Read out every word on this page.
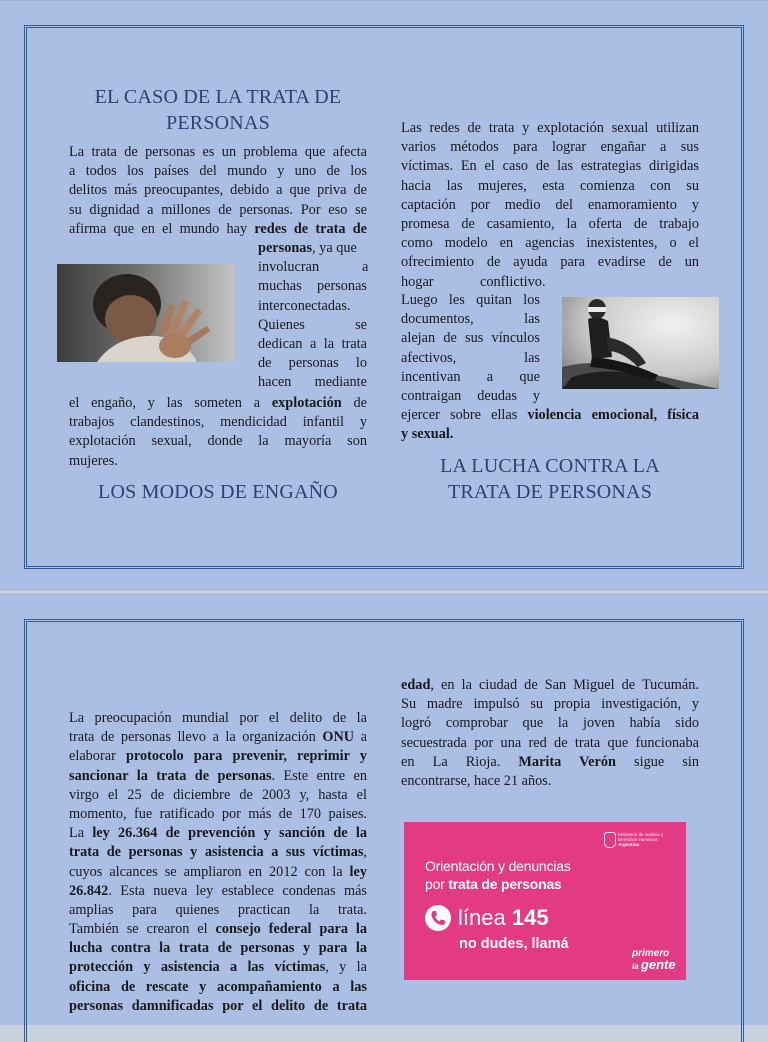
EL CASO DE LA TRATA DE
PERSONAS
La trata de personas es un problema que afecta
a todos los países del mundo y uno de los
delitos más preocupantes, debido a que priva de
su dignidad a millones de personas. Por eso se
afirma que en el mundo hay redes de trata de
personas, ya que
involucran            a
muchas personas
interconectadas.
Quienes              se
dedican a la trata
de personas lo
hacen mediante
el engaño, y las someten a explotación de
trabajos clandestinos, mendicidad infantil y
explotación sexual, donde la mayoría son
mujeres.
LOS MODOS DE ENGAÑO
Las redes de trata y explotación sexual utilizan
varios métodos para lograr engañar a sus
víctimas. En el caso de las estrategias dirigidas
hacia las mujeres, esta comienza con su
captación por medio del enamoramiento y
promesa de casamiento, la oferta de trabajo
como modelo en agencias inexistentes, o el
ofrecimiento de ayuda para evadirse de un
hogar             conflictivo.
Luego les quitan los
documentos,           las
alejan de sus vínculos
afectivos,              las
incentivan    a    que
contraigan deudas y
ejercer sobre ellas violencia emocional, física
y sexual.
LA LUCHA CONTRA LA
TRATA DE PERSONAS
La preocupación mundial por el delito de la
trata de personas llevo a la organización ONU a
elaborar protocolo para prevenir, reprimir y
sancionar la trata de personas. Este entre en
virgo el 25 de diciembre de 2003 y, hasta el
momento, fue ratificado por más de 170 paises.
La ley 26.364 de prevención y sanción de la
trata de personas y asistencia a sus víctimas,
cuyos alcances se ampliaron en 2012 con la ley
26.842. Esta nueva ley establece condenas más
amplias para quienes practican la trata.
También se crearon el consejo federal para la
lucha contra la trata de personas y para la
protección y asistencia a las víctimas, y la
oficina de rescate y acompañamiento a las
personas damnificadas por el delito de trata
edad, en la ciudad de San Miguel de Tucumán.
Su madre impulsó su propia investigación, y
logró comprobar que la joven había sido
secuestrada por una red de trata que funcionaba
en La Rioja. Marita Verón sigue sin
encontrarse, hace 21 años.
Ministerio de Justicia y Derechos Humanos
Argentina
Orientación y denuncias
por trata de personas
línea 145
no dudes, llamá
primero
la gente
